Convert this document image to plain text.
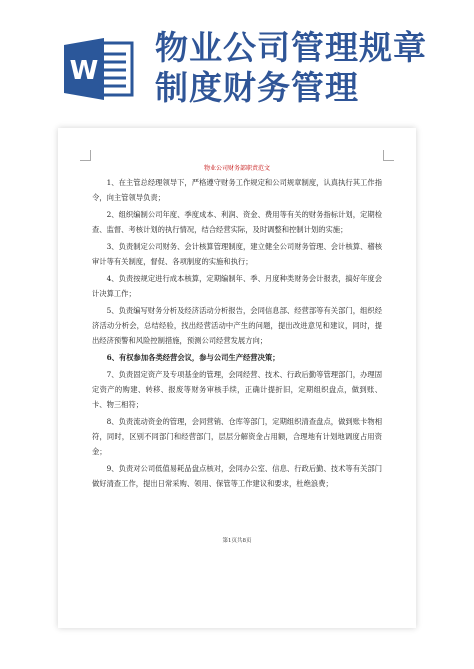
W
物业公司管理规章
制度财务管理
物业公司财务部职责范文

1、在主管总经理领导下，严格遵守财务工作规定和公司规章制度，认真执行其工作指令，向主管领导负责；

2、组织编制公司年度、季度成本、利润、资金、费用等有关的财务指标计划，定期检查、监督、考核计划的执行情况，结合经营实际，及时调整和控制计划的实施；

3、负责制定公司财务、会计核算管理制度，建立健全公司财务管理、会计核算、稽核审计等有关制度，督促、各项制度的实施和执行；

4、负责按规定进行成本核算，定期编制年、季、月度种类财务会计报表，搞好年度会计决算工作；

5、负责编写财务分析及经济活动分析报告，会同信息部、经营部等有关部门，组织经济活动分析会，总结经验，找出经营活动中产生的问题，提出改进意见和建议，同时，提出经济预警和风险控制措施，预测公司经营发展方向；

6、有权参加各类经营会议，参与公司生产经营决策；

7、负责固定资产及专项基金的管理，会同经营、技术、行政后勤等管理部门，办理固定资产的购建、转移、报废等财务审核手续，正确计提折旧，定期组织盘点，做到账、卡、物三相符；

8、负责流动资金的管理，会同营销、仓库等部门，定期组织清查盘点，做到账卡物相符，同时，区别不同部门和经营部门，层层分解资金占用额，合理地有计划地调度占用资金；

9、负责对公司低值易耗品盘点核对，会同办公室、信息、行政后勤、技术等有关部门做好清查工作，提出日常采购、领用、保管等工作建议和要求，杜绝浪费；

第1页共8页
